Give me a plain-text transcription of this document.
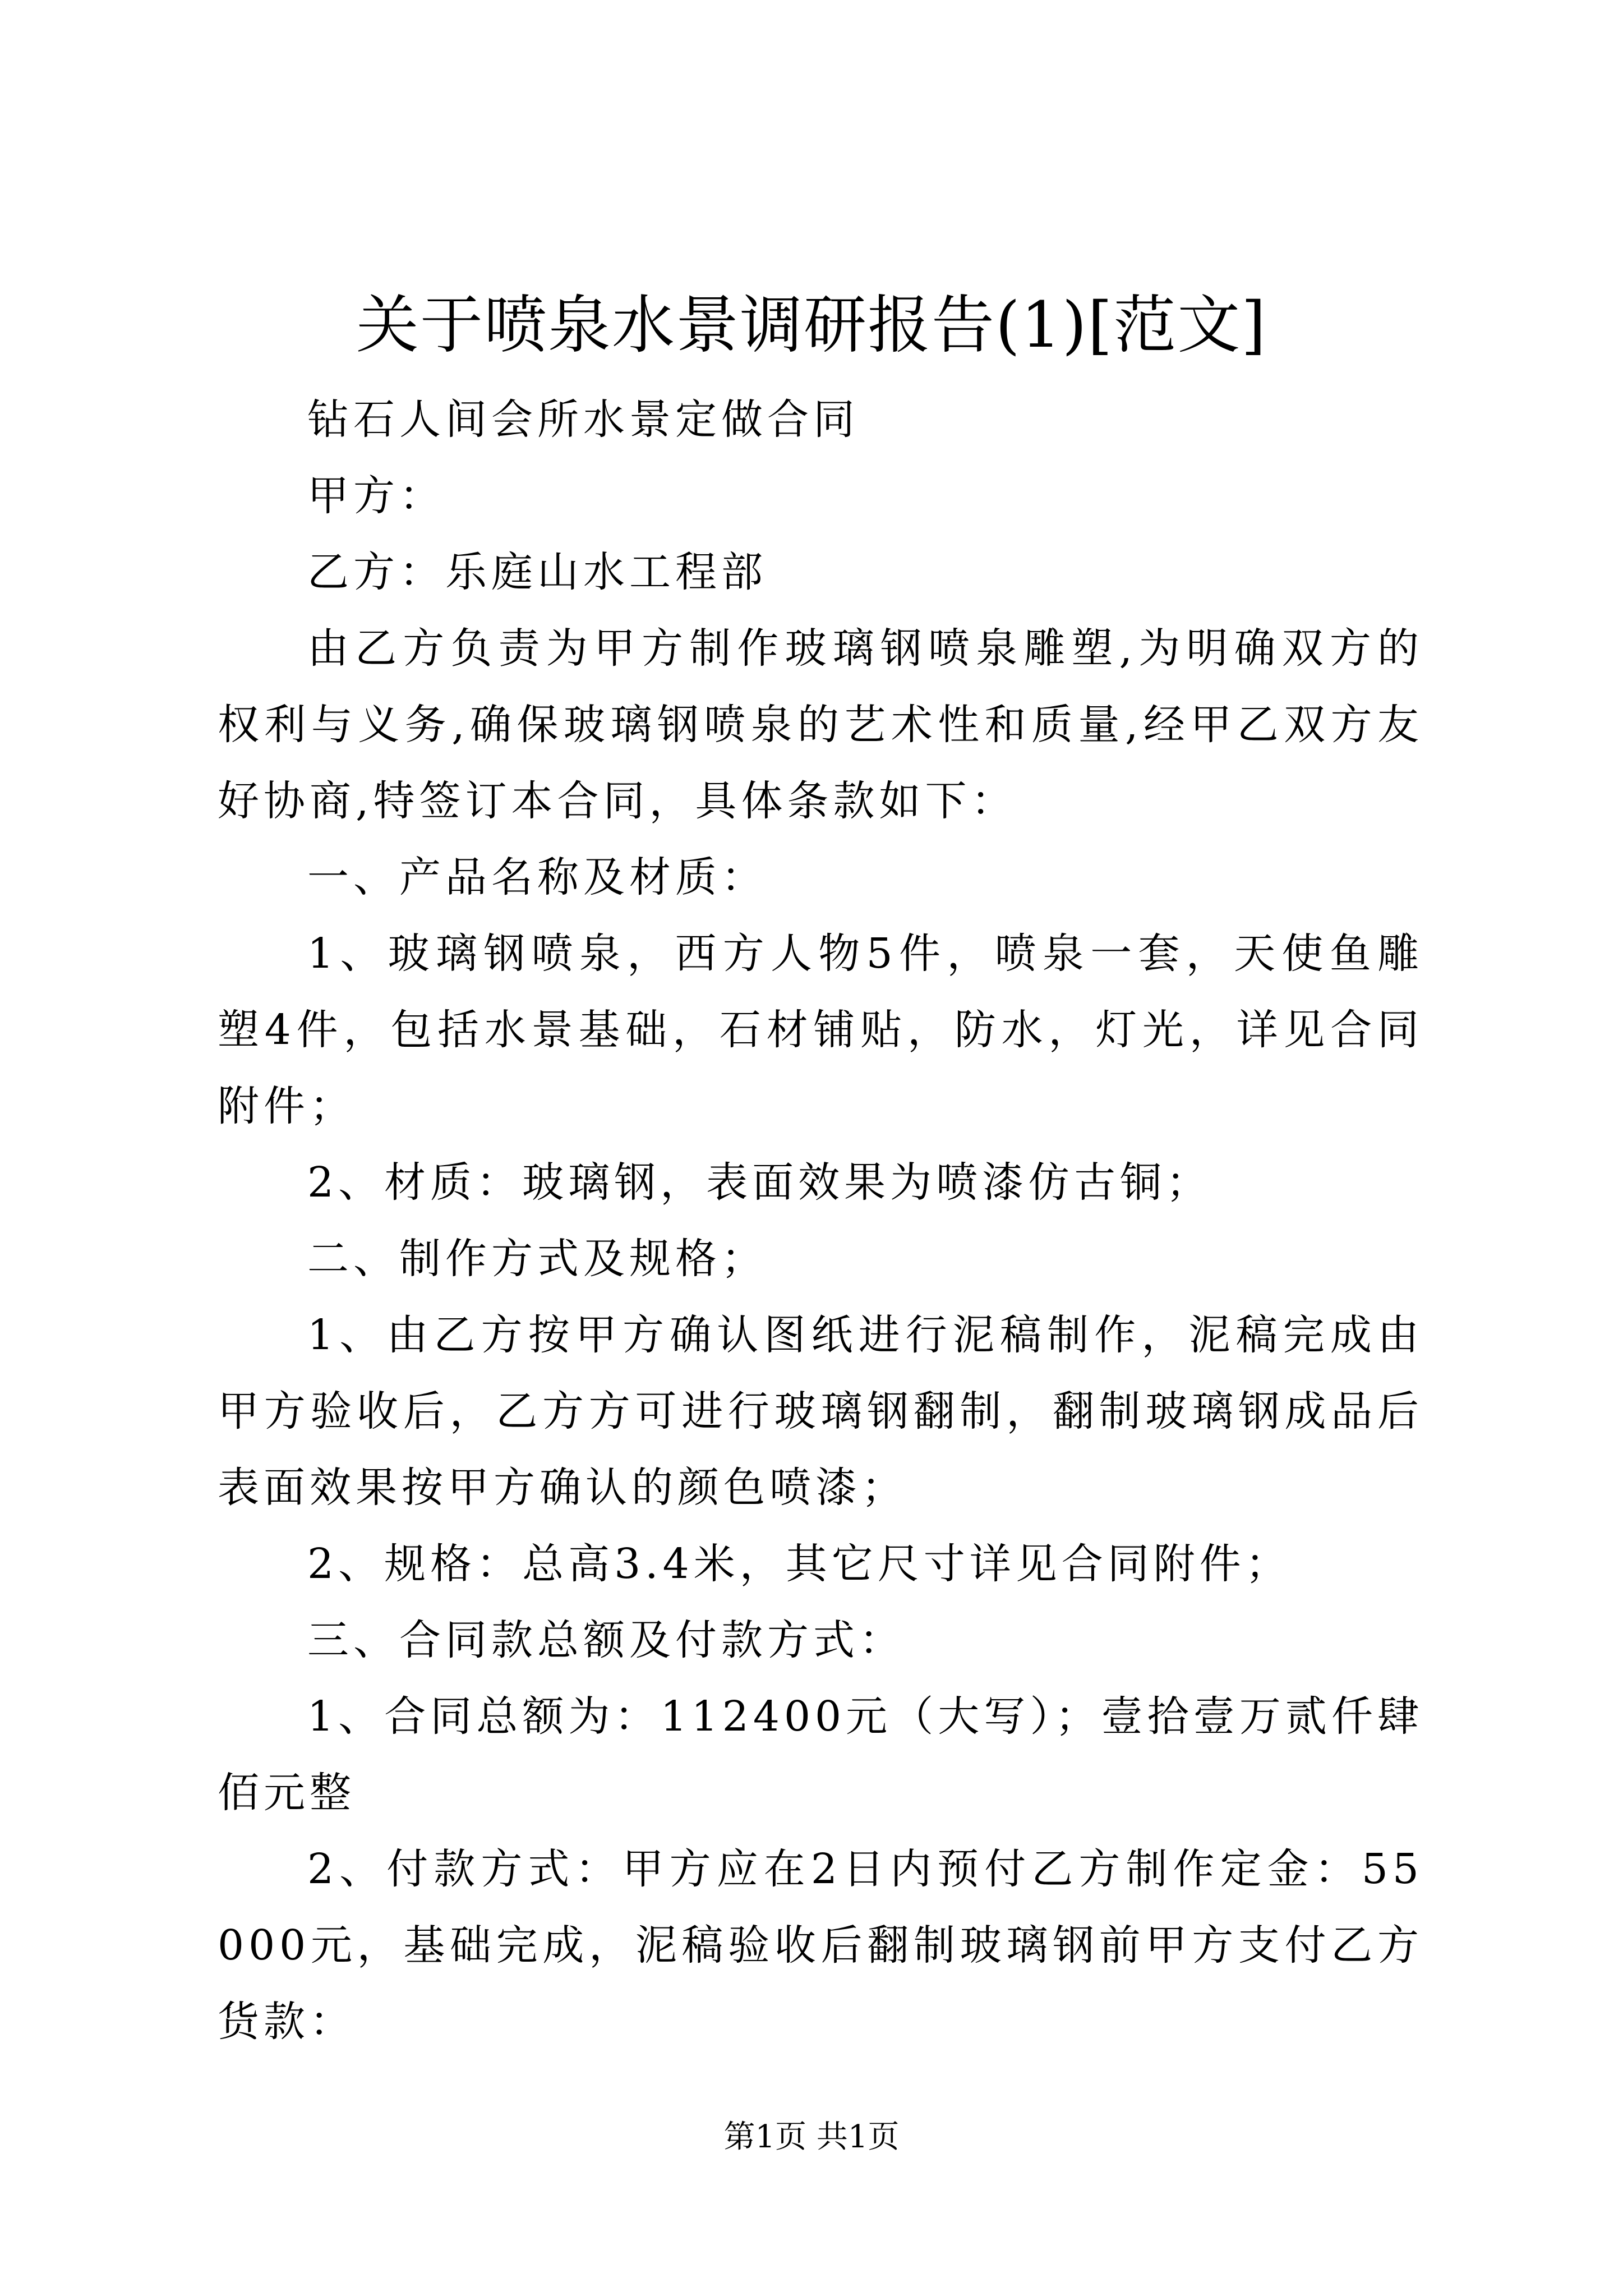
关于喷泉水景调研报告(1)[范文]

钻石人间会所水景定做合同

甲方：

乙方：乐庭山水工程部

由乙方负责为甲方制作玻璃钢喷泉雕塑,为明确双方的权利与义务,确保玻璃钢喷泉的艺术性和质量,经甲乙双方友好协商,特签订本合同，具体条款如下：

一、产品名称及材质：

1、玻璃钢喷泉，西方人物5件，喷泉一套，天使鱼雕塑4件，包括水景基础，石材铺贴，防水，灯光，详见合同附件；

2、材质：玻璃钢，表面效果为喷漆仿古铜；

二、制作方式及规格；

1、由乙方按甲方确认图纸进行泥稿制作，泥稿完成由甲方验收后，乙方方可进行玻璃钢翻制，翻制玻璃钢成品后表面效果按甲方确认的颜色喷漆；

2、规格：总高3.4米，其它尺寸详见合同附件；

三、合同款总额及付款方式：

1、合同总额为：112400元（大写）；壹拾壹万贰仟肆佰元整

2、付款方式：甲方应在2日内预付乙方制作定金：55000元，基础完成，泥稿验收后翻制玻璃钢前甲方支付乙方货款：

第1页 共1页
